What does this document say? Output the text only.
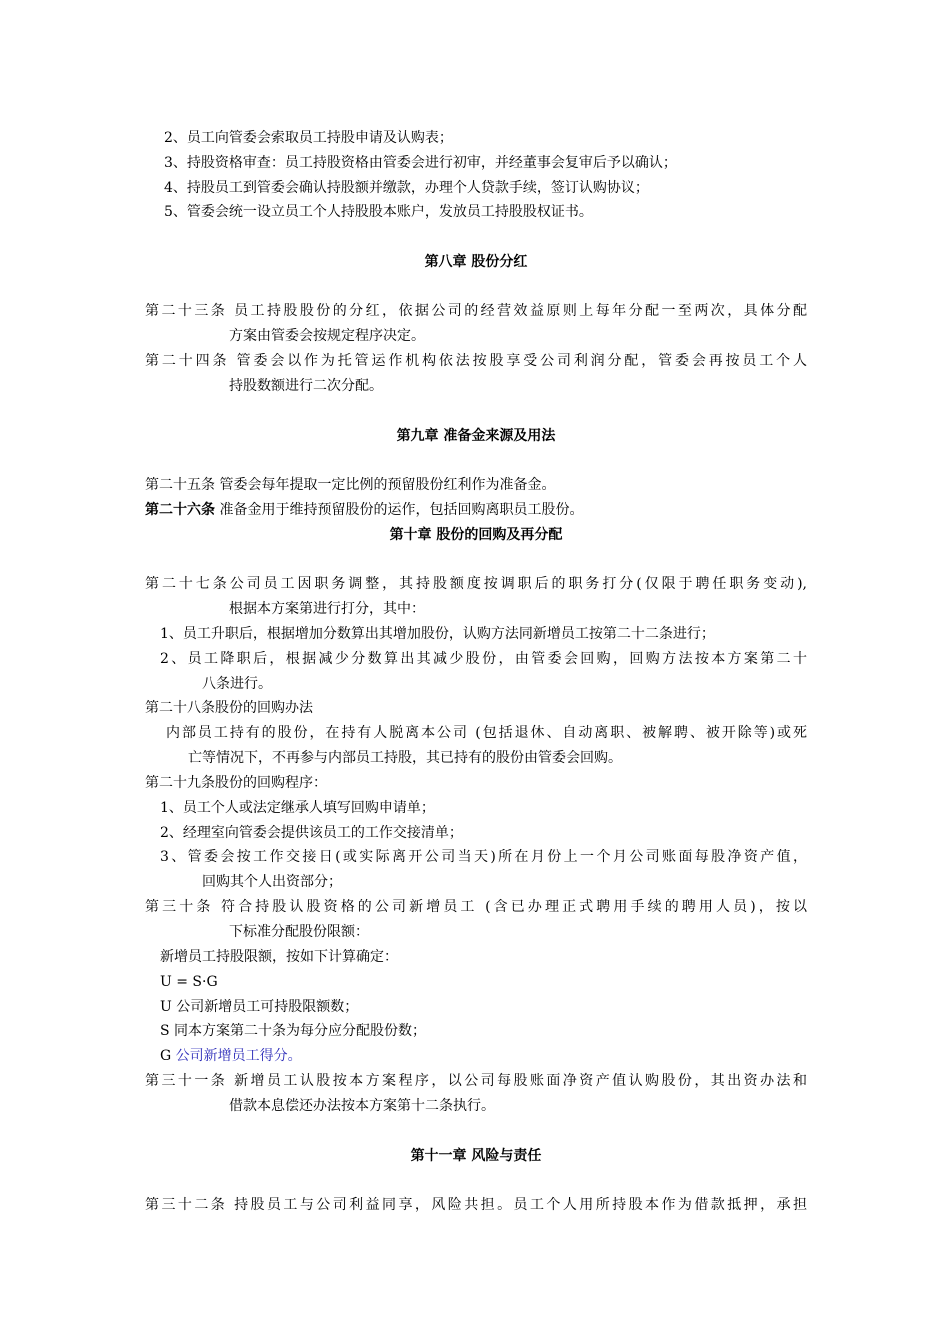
2、员工向管委会索取员工持股申请及认购表；
3、持股资格审查：员工持股资格由管委会进行初审，并经董事会复审后予以确认；
4、持股员工到管委会确认持股额并缴款，办理个人贷款手续，签订认购协议；
5、管委会统一设立员工个人持股股本账户，发放员工持股股权证书。
第八章 股份分红
第二十三条 员工持股股份的分红，依据公司的经营效益原则上每年分配一至两次，具体分配
方案由管委会按规定程序决定。
第二十四条 管委会以作为托管运作机构依法按股享受公司利润分配，管委会再按员工个人
持股数额进行二次分配。
第九章 准备金来源及用法
第二十五条 管委会每年提取一定比例的预留股份红利作为准备金。
第二十六条 准备金用于维持预留股份的运作，包括回购离职员工股份。
第十章 股份的回购及再分配
第二十七条公司员工因职务调整，其持股额度按调职后的职务打分(仅限于聘任职务变动),
根据本方案第进行打分，其中：
1、员工升职后，根据增加分数算出其增加股份，认购方法同新增员工按第二十二条进行；
2、员工降职后，根据减少分数算出其减少股份，由管委会回购，回购方法按本方案第二十
八条进行。
第二十八条股份的回购办法
内部员工持有的股份，在持有人脱离本公司 (包括退休、自动离职、被解聘、被开除等)或死
亡等情况下，不再参与内部员工持股，其已持有的股份由管委会回购。
第二十九条股份的回购程序：
1、员工个人或法定继承人填写回购申请单；
2、经理室向管委会提供该员工的工作交接清单；
3、管委会按工作交接日(或实际离开公司当天)所在月份上一个月公司账面每股净资产值，
回购其个人出资部分；
第三十条 符合持股认股资格的公司新增员工 (含已办理正式聘用手续的聘用人员)，按以
下标准分配股份限额：
新增员工持股限额，按如下计算确定：
U = S·G
U 公司新增员工可持股限额数；
S 同本方案第二十条为每分应分配股份数；
G 公司新增员工得分。
第三十一条 新增员工认股按本方案程序，以公司每股账面净资产值认购股份，其出资办法和
借款本息偿还办法按本方案第十二条执行。
第十一章 风险与责任
第三十二条 持股员工与公司利益同享，风险共担。员工个人用所持股本作为借款抵押，承担
